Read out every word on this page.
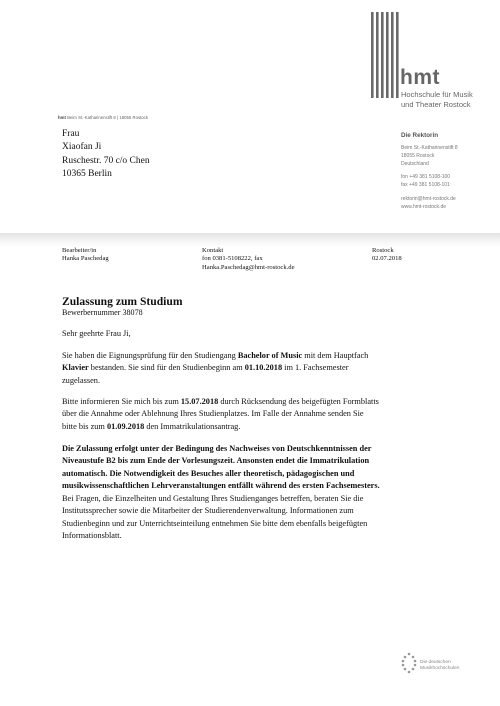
hmt
Hochschule für Musik
und Theater Rostock
hmt Beim St.-Katharinenstift 8 | 18055 Rostock
Frau
Xiaofan Ji
Ruschestr. 70 c/o Chen
10365 Berlin
Die Rektorin
Beim St.-Katharinenstift 8
18055 Rostock
Deutschland
fon +49 381 5108-100
fax +49 381 5108-101
rektorin@hmt-rostock.de
www.hmt-rostock.de
Bearbeiter/in
Hanka Paschedag
Kontakt
fon 0381-5108222, fax
Hanka.Paschedag@hmt-rostock.de
Rostock
02.07.2018
Zulassung zum Studium
Bewerbernummer 38078
Sehr geehrte Frau Ji,
Sie haben die Eignungsprüfung für den Studiengang Bachelor of Music mit dem Hauptfach
Klavier bestanden. Sie sind für den Studienbeginn am 01.10.2018 im 1. Fachsemester
zugelassen.
Bitte informieren Sie mich bis zum 15.07.2018 durch Rücksendung des beigefügten Formblatts
über die Annahme oder Ablehnung Ihres Studienplatzes. Im Falle der Annahme senden Sie
bitte bis zum 01.09.2018 den Immatrikulationsantrag.
Die Zulassung erfolgt unter der Bedingung des Nachweises von Deutschkenntnissen der
Niveaustufe B2 bis zum Ende der Vorlesungszeit. Ansonsten endet die Immatrikulation
automatisch. Die Notwendigkeit des Besuches aller theoretisch, pädagogischen und
musikwissenschaftlichen Lehrveranstaltungen entfällt während des ersten Fachsemesters.
Bei Fragen, die Einzelheiten und Gestaltung Ihres Studienganges betreffen, beraten Sie die
Institutssprecher sowie die Mitarbeiter der Studierendenverwaltung. Informationen zum
Studienbeginn und zur Unterrichtseinteilung entnehmen Sie bitte dem ebenfalls beigefügten
Informationsblatt.
Die deutschen
Musikhochschulen
